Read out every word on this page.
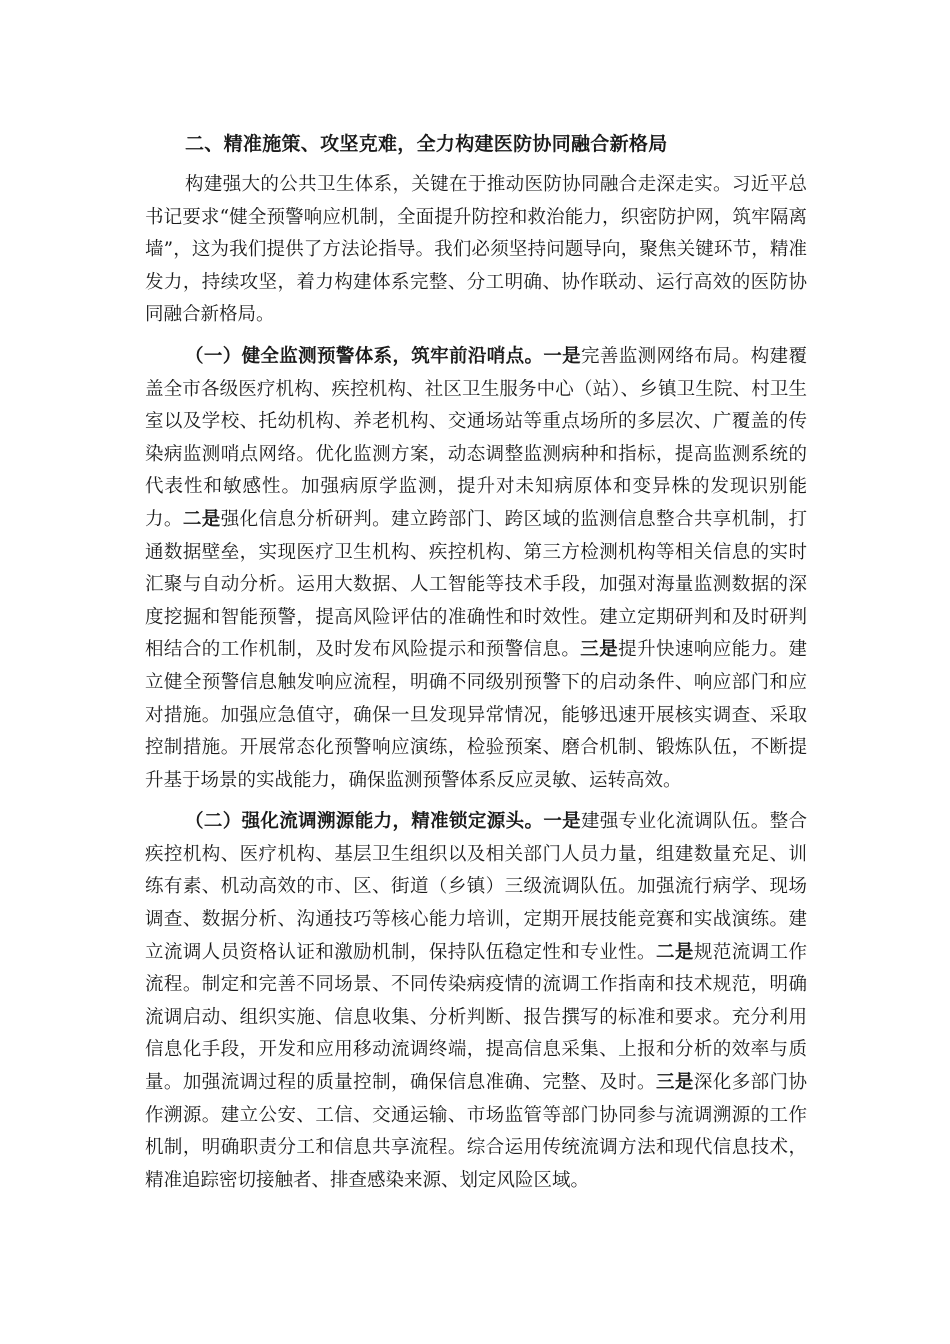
二、精准施策、攻坚克难，全力构建医防协同融合新格局

构建强大的公共卫生体系，关键在于推动医防协同融合走深走实。习近平总书记要求“健全预警响应机制，全面提升防控和救治能力，织密防护网，筑牢隔离墙”，这为我们提供了方法论指导。我们必须坚持问题导向，聚焦关键环节，精准发力，持续攻坚，着力构建体系完整、分工明确、协作联动、运行高效的医防协同融合新格局。

（一）健全监测预警体系，筑牢前沿哨点。一是完善监测网络布局。构建覆盖全市各级医疗机构、疾控机构、社区卫生服务中心（站）、乡镇卫生院、村卫生室以及学校、托幼机构、养老机构、交通场站等重点场所的多层次、广覆盖的传染病监测哨点网络。优化监测方案，动态调整监测病种和指标，提高监测系统的代表性和敏感性。加强病原学监测，提升对未知病原体和变异株的发现识别能力。二是强化信息分析研判。建立跨部门、跨区域的监测信息整合共享机制，打通数据壁垒，实现医疗卫生机构、疾控机构、第三方检测机构等相关信息的实时汇聚与自动分析。运用大数据、人工智能等技术手段，加强对海量监测数据的深度挖掘和智能预警，提高风险评估的准确性和时效性。建立定期研判和及时研判相结合的工作机制，及时发布风险提示和预警信息。三是提升快速响应能力。建立健全预警信息触发响应流程，明确不同级别预警下的启动条件、响应部门和应对措施。加强应急值守，确保一旦发现异常情况，能够迅速开展核实调查、采取控制措施。开展常态化预警响应演练，检验预案、磨合机制、锻炼队伍，不断提升基于场景的实战能力，确保监测预警体系反应灵敏、运转高效。

（二）强化流调溯源能力，精准锁定源头。一是建强专业化流调队伍。整合疾控机构、医疗机构、基层卫生组织以及相关部门人员力量，组建数量充足、训练有素、机动高效的市、区、街道（乡镇）三级流调队伍。加强流行病学、现场调查、数据分析、沟通技巧等核心能力培训，定期开展技能竞赛和实战演练。建立流调人员资格认证和激励机制，保持队伍稳定性和专业性。二是规范流调工作流程。制定和完善不同场景、不同传染病疫情的流调工作指南和技术规范，明确流调启动、组织实施、信息收集、分析判断、报告撰写的标准和要求。充分利用信息化手段，开发和应用移动流调终端，提高信息采集、上报和分析的效率与质量。加强流调过程的质量控制，确保信息准确、完整、及时。三是深化多部门协作溯源。建立公安、工信、交通运输、市场监管等部门协同参与流调溯源的工作机制，明确职责分工和信息共享流程。综合运用传统流调方法和现代信息技术，精准追踪密切接触者、排查感染来源、划定风险区域。
